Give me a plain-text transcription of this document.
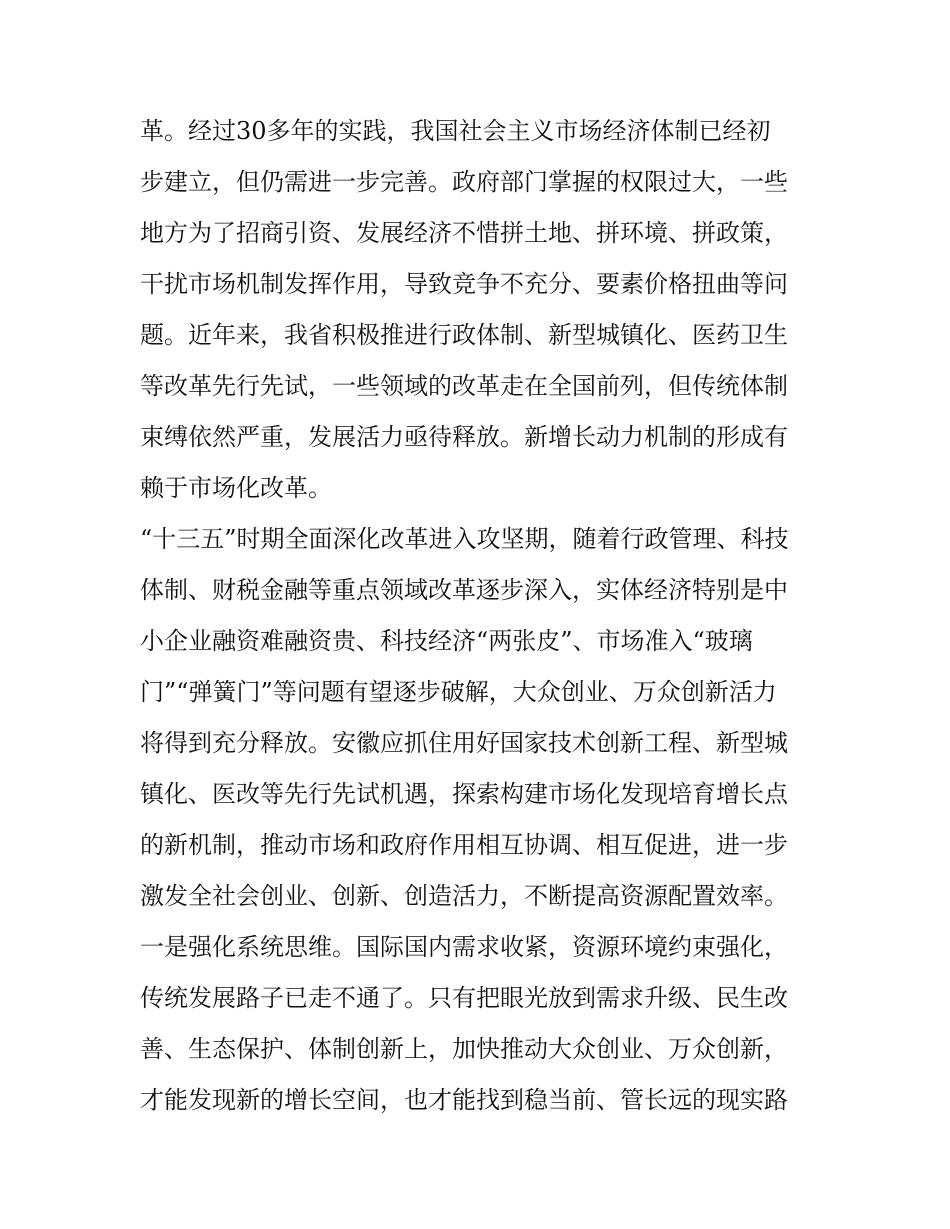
革。经过30多年的实践，我国社会主义市场经济体制已经初
步建立，但仍需进一步完善。政府部门掌握的权限过大，一些
地方为了招商引资、发展经济不惜拼土地、拼环境、拼政策，
干扰市场机制发挥作用，导致竞争不充分、要素价格扭曲等问
题。近年来，我省积极推进行政体制、新型城镇化、医药卫生
等改革先行先试，一些领域的改革走在全国前列，但传统体制
束缚依然严重，发展活力亟待释放。新增长动力机制的形成有
赖于市场化改革。
“十三五”时期全面深化改革进入攻坚期，随着行政管理、科技
体制、财税金融等重点领域改革逐步深入，实体经济特别是中
小企业融资难融资贵、科技经济“两张皮”、市场准入“玻璃
门”“弹簧门”等问题有望逐步破解，大众创业、万众创新活力
将得到充分释放。安徽应抓住用好国家技术创新工程、新型城
镇化、医改等先行先试机遇，探索构建市场化发现培育增长点
的新机制，推动市场和政府作用相互协调、相互促进，进一步
激发全社会创业、创新、创造活力，不断提高资源配置效率。
一是强化系统思维。国际国内需求收紧，资源环境约束强化，
传统发展路子已走不通了。只有把眼光放到需求升级、民生改
善、生态保护、体制创新上，加快推动大众创业、万众创新，
才能发现新的增长空间，也才能找到稳当前、管长远的现实路
